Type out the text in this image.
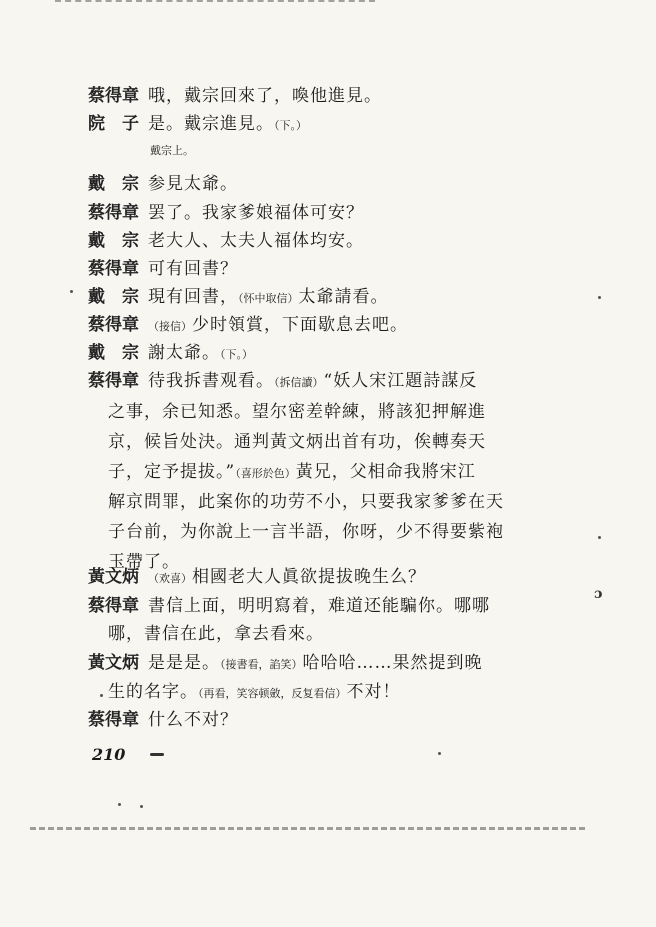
蔡得章 哦，戴宗回來了，喚他進見。
院　子 是。戴宗進見。（下。）
戴宗上。
戴　宗 参見太爺。
蔡得章 罢了。我家爹娘福体可安？
戴　宗 老大人、太夫人福体均安。
蔡得章 可有回書？
戴　宗 現有回書，（怀中取信）太爺請看。
蔡得章 （接信）少时領賞，下面歇息去吧。
戴　宗 謝太爺。（下。）
蔡得章 待我拆書观看。（拆信讀）“妖人宋江題詩謀反
之事，余已知悉。望尔密差幹練，將該犯押解進
京，候旨处決。通判黃文炳出首有功，俟轉奏天
子，定予提拔。”（喜形於色）黃兄，父相命我將宋江
解京問罪，此案你的功劳不小，只要我家爹爹在天
子台前，为你說上一言半語，你呀，少不得要紫袍
玉帶了。
黃文炳 （欢喜）相國老大人眞欲提拔晚生么？
蔡得章 書信上面，明明寫着，难道还能騙你。哪哪
哪，書信在此，拿去看來。
黃文炳 是是是。（接書看，諂笑）哈哈哈……果然提到晚
生的名字。（再看，笑容顿斂，反复看信）不对！
蔡得章 什么不对？
210
ɔ
